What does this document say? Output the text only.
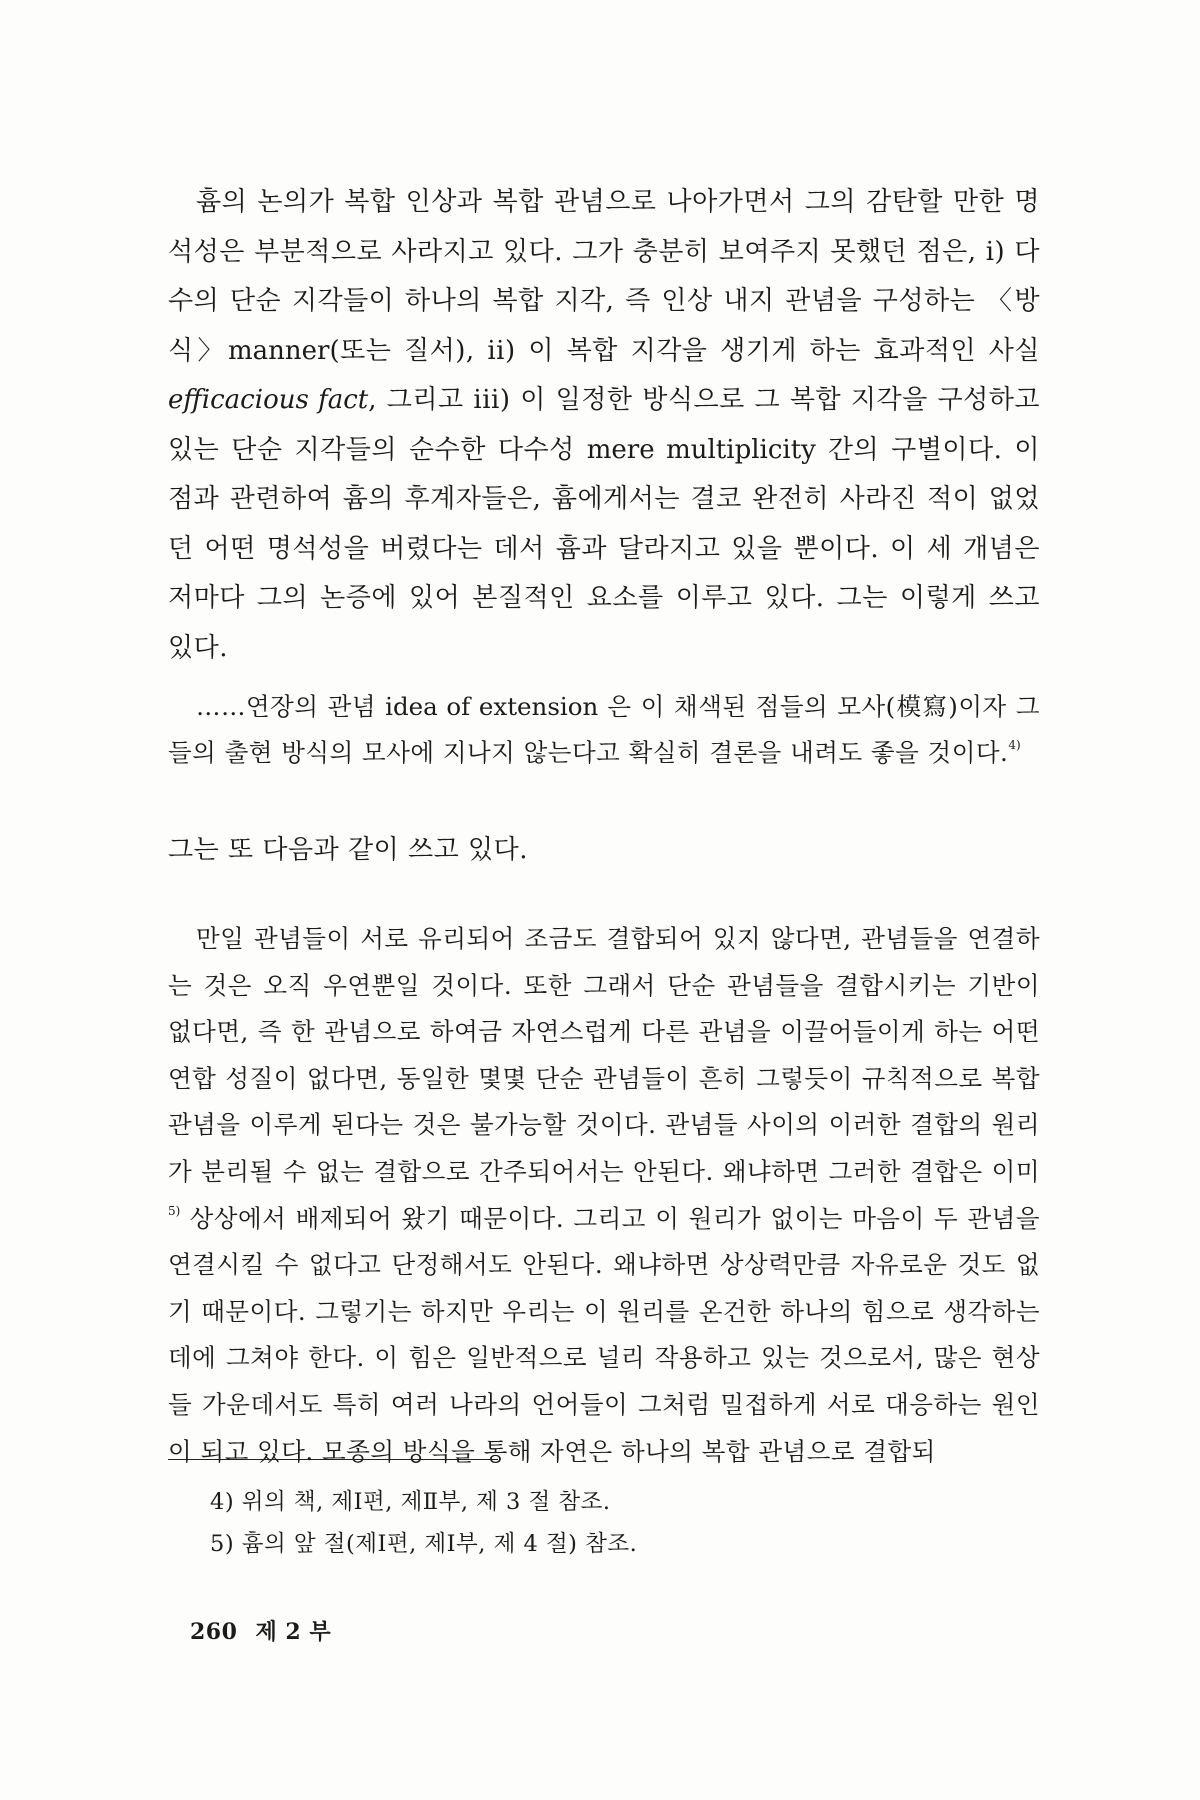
흄의 논의가 복합 인상과 복합 관념으로 나아가면서 그의 감탄할 만한 명석성은 부분적으로 사라지고 있다. 그가 충분히 보여주지 못했던 점은, i) 다수의 단순 지각들이 하나의 복합 지각, 즉 인상 내지 관념을 구성하는 〈방식〉manner(또는 질서), ii) 이 복합 지각을 생기게 하는 효과적인 사실 efficacious fact, 그리고 iii) 이 일정한 방식으로 그 복합 지각을 구성하고 있는 단순 지각들의 순수한 다수성 mere multiplicity 간의 구별이다. 이 점과 관련하여 흄의 후계자들은, 흄에게서는 결코 완전히 사라진 적이 없었던 어떤 명석성을 버렸다는 데서 흄과 달라지고 있을 뿐이다. 이 세 개념은 저마다 그의 논증에 있어 본질적인 요소를 이루고 있다. 그는 이렇게 쓰고 있다.

……연장의 관념 idea of extension 은 이 채색된 점들의 모사(模寫)이자 그들의 출현 방식의 모사에 지나지 않는다고 확실히 결론을 내려도 좋을 것이다.$^{4)}$

그는 또 다음과 같이 쓰고 있다.

만일 관념들이 서로 유리되어 조금도 결합되어 있지 않다면, 관념들을 연결하는 것은 오직 우연뿐일 것이다. 또한 그래서 단순 관념들을 결합시키는 기반이 없다면, 즉 한 관념으로 하여금 자연스럽게 다른 관념을 이끌어들이게 하는 어떤 연합 성질이 없다면, 동일한 몇몇 단순 관념들이 흔히 그렇듯이 규칙적으로 복합 관념을 이루게 된다는 것은 불가능할 것이다. 관념들 사이의 이러한 결합의 원리가 분리될 수 없는 결합으로 간주되어서는 안된다. 왜냐하면 그러한 결합은 이미$^{5)}$ 상상에서 배제되어 왔기 때문이다. 그리고 이 원리가 없이는 마음이 두 관념을 연결시킬 수 없다고 단정해서도 안된다. 왜냐하면 상상력만큼 자유로운 것도 없기 때문이다. 그렇기는 하지만 우리는 이 원리를 온건한 하나의 힘으로 생각하는 데에 그쳐야 한다. 이 힘은 일반적으로 널리 작용하고 있는 것으로서, 많은 현상들 가운데서도 특히 여러 나라의 언어들이 그처럼 밀접하게 서로 대응하는 원인이 되고 있다. 모종의 방식을 통해 자연은 하나의 복합 관념으로 결합되

4) 위의 책, 제Ⅰ편, 제Ⅱ부, 제 3 절 참조.

5) 흄의 앞 절(제Ⅰ편, 제Ⅰ부, 제 4 절) 참조.

260 제 2 부
